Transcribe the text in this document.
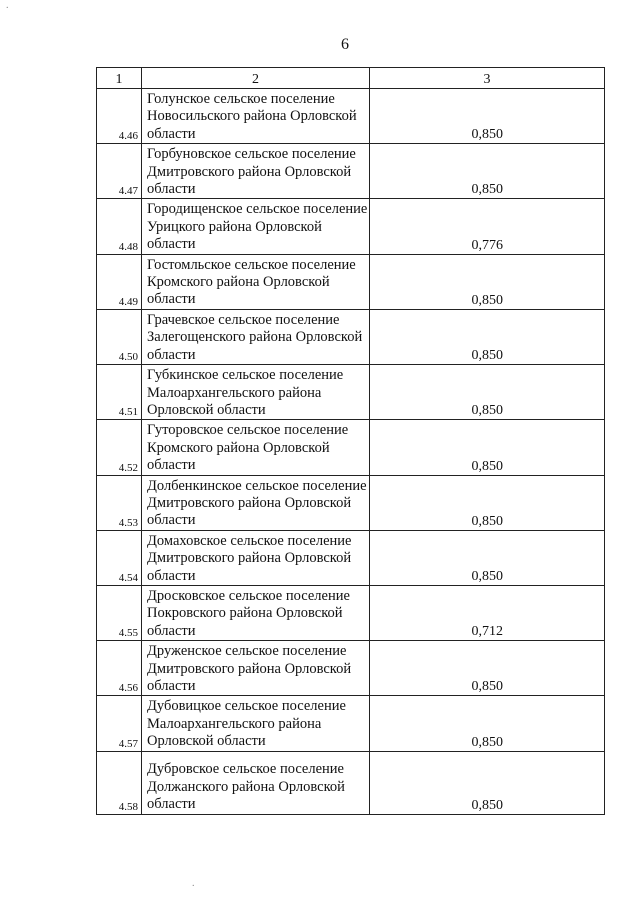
6
1	2	3
4.46	Голунское сельское поселение Новосильского района Орловской области	0,850
4.47	Горбуновское сельское поселение Дмитровского района Орловской области	0,850
4.48	Городищенское сельское поселение Урицкого района Орловской области	0,776
4.49	Гостомльское сельское поселение Кромского района Орловской области	0,850
4.50	Грачевское сельское поселение Залегощенского района Орловской области	0,850
4.51	Губкинское сельское поселение Малоархангельского района Орловской области	0,850
4.52	Гуторовское сельское поселение Кромского района Орловской области	0,850
4.53	Долбенкинское сельское поселение Дмитровского района Орловской области	0,850
4.54	Домаховское сельское поселение Дмитровского района Орловской области	0,850
4.55	Дросковское сельское поселение Покровского района Орловской области	0,712
4.56	Друженское сельское поселение Дмитровского района Орловской области	0,850
4.57	Дубовицкое сельское поселение Малоархангельского района Орловской области	0,850
4.58	Дубровское сельское поселение Должанского района Орловской области	0,850
.
.
